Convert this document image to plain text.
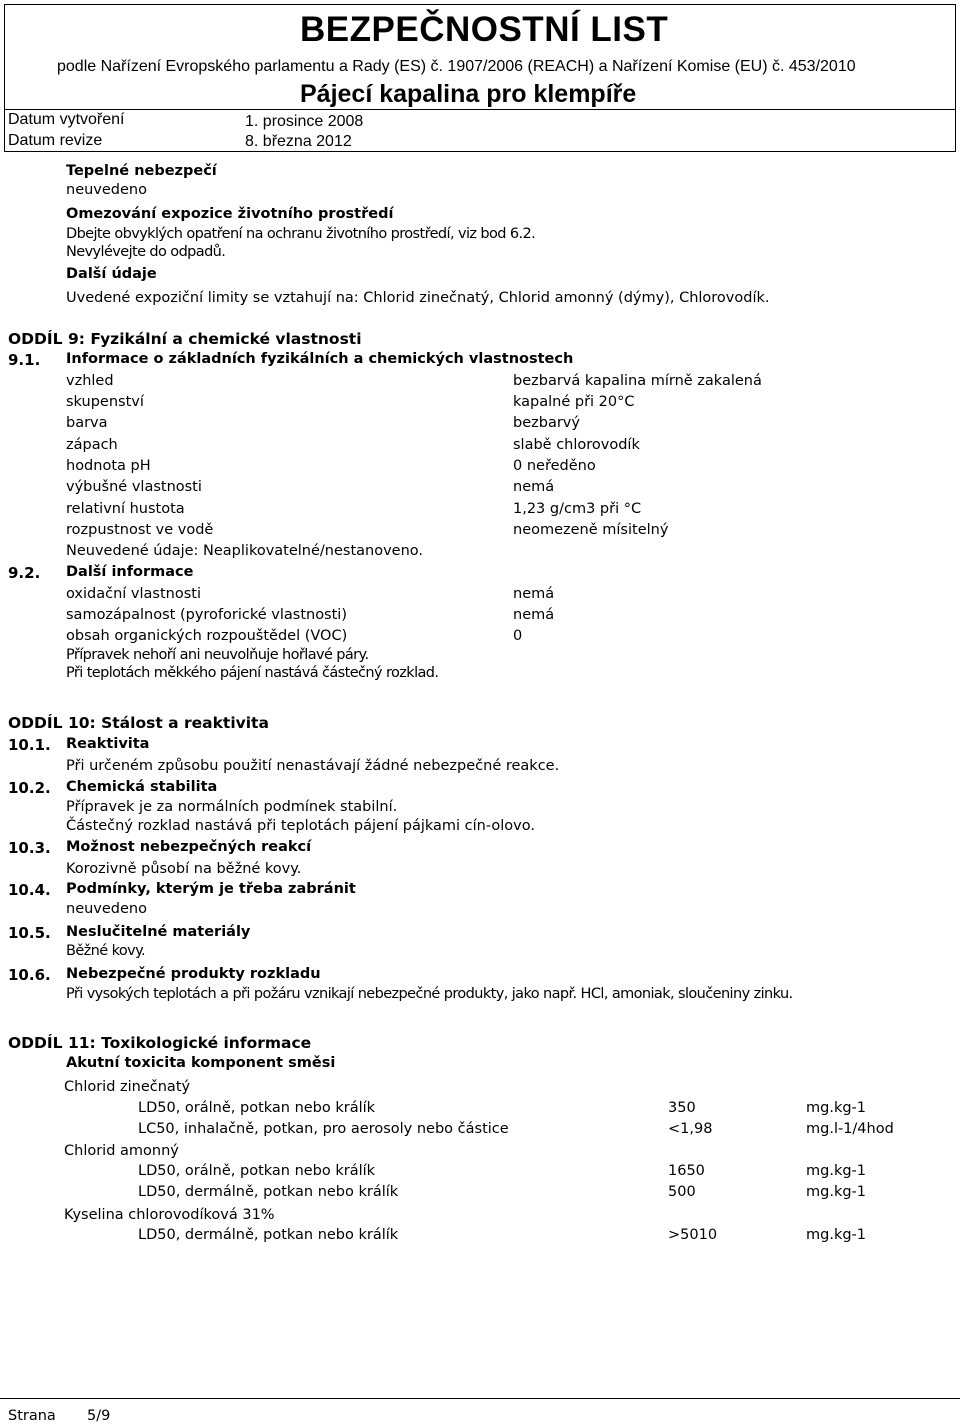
BEZPEČNOSTNÍ LIST
podle Nařízení Evropského parlamentu a Rady (ES) č. 1907/2006 (REACH) a Nařízení Komise (EU) č. 453/2010
Pájecí kapalina pro klempíře
Datum vytvoření	1. prosince 2008
Datum revize	8. března 2012
Tepelné nebezpečí
neuvedeno
Omezování expozice životního prostředí
Dbejte obvyklých opatření na ochranu životního prostředí, viz bod 6.2.
Nevylévejte do odpadů.
Další údaje
Uvedené expoziční limity se vztahují na: Chlorid zinečnatý, Chlorid amonný (dýmy), Chlorovodík.
ODDÍL 9: Fyzikální a chemické vlastnosti
9.1. Informace o základních fyzikálních a chemických vlastnostech
vzhled	bezbarvá kapalina mírně zakalená
skupenství	kapalné při 20°C
barva	bezbarvý
zápach	slabě chlorovodík
hodnota pH	0 neředěno
výbušné vlastnosti	nemá
relativní hustota	1,23 g/cm3 při °C
rozpustnost ve vodě	neomezeně mísitelný
Neuvedené údaje: Neaplikovatelné/nestanoveno.
9.2. Další informace
oxidační vlastnosti	nemá
samozápalnost (pyroforické vlastnosti)	nemá
obsah organických rozpouštědel (VOC)	0
Přípravek nehoří ani neuvolňuje hořlavé páry.
Při teplotách měkkého pájení nastává částečný rozklad.
ODDÍL 10: Stálost a reaktivita
10.1. Reaktivita
Při určeném způsobu použití nenastávají žádné nebezpečné reakce.
10.2. Chemická stabilita
Přípravek je za normálních podmínek stabilní.
Částečný rozklad nastává při teplotách pájení pájkami cín-olovo.
10.3. Možnost nebezpečných reakcí
Korozivně působí na běžné kovy.
10.4. Podmínky, kterým je třeba zabránit
neuvedeno
10.5. Neslučitelné materiály
Běžné kovy.
10.6. Nebezpečné produkty rozkladu
Při vysokých teplotách a při požáru vznikají nebezpečné produkty, jako např. HCl, amoniak, sloučeniny zinku.
ODDÍL 11: Toxikologické informace
Akutní toxicita komponent směsi
Chlorid zinečnatý
LD50, orálně, potkan nebo králík	350	mg.kg-1
LC50, inhalačně, potkan, pro aerosoly nebo částice	<1,98	mg.l-1/4hod
Chlorid amonný
LD50, orálně, potkan nebo králík	1650	mg.kg-1
LD50, dermálně, potkan nebo králík	500	mg.kg-1
Kyselina chlorovodíková 31%
LD50, dermálně, potkan nebo králík	>5010	mg.kg-1
Strana 5/9
